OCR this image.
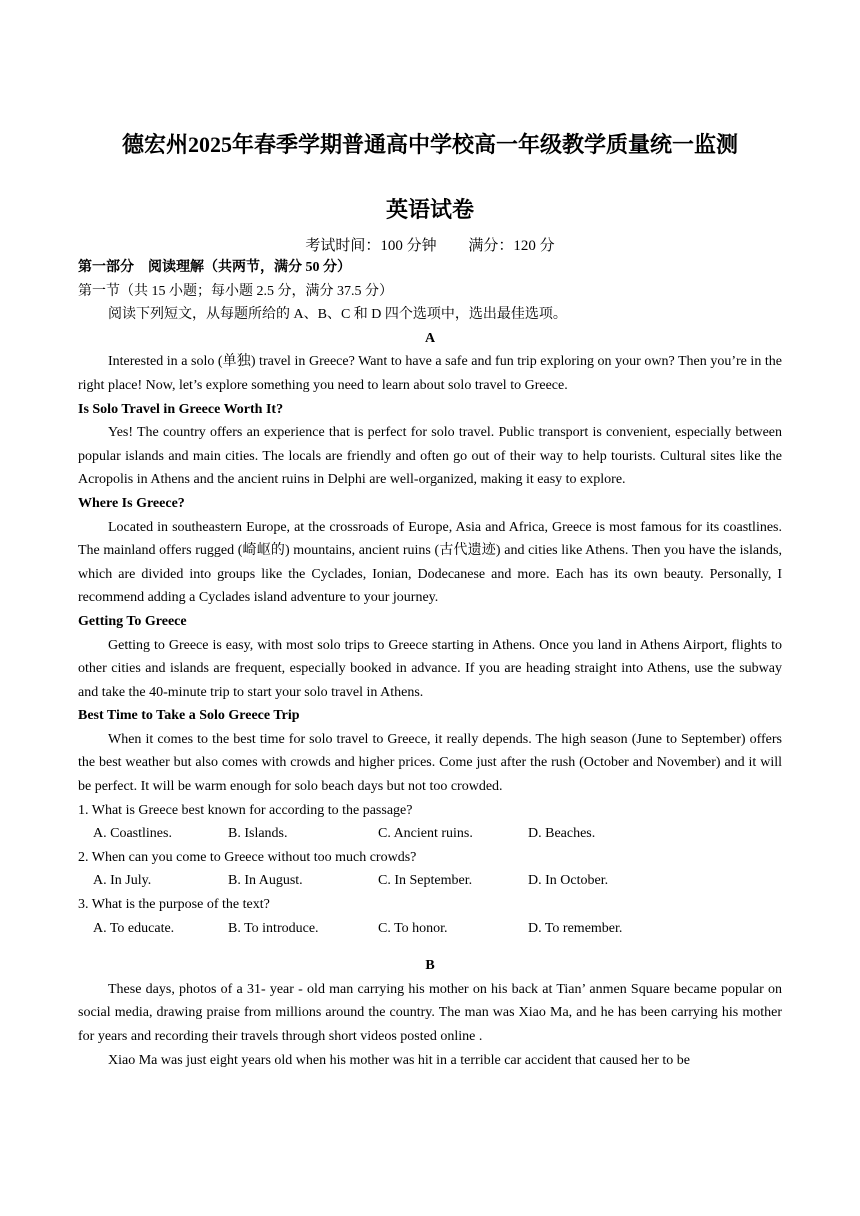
德宏州2025年春季学期普通高中学校高一年级教学质量统一监测
英语试卷
考试时间：100 分钟 满分：120 分

第一部分　阅读理解（共两节，满分 50 分）

第一节（共 15 小题；每小题 2.5 分，满分 37.5 分）

阅读下列短文，从每题所给的 A、B、C 和 D 四个选项中，选出最佳选项。

A

Interested in a solo (单独) travel in Greece? Want to have a safe and fun trip exploring on your own? Then you’re in the right place! Now, let’s explore something you need to learn about solo travel to Greece.

Is Solo Travel in Greece Worth It?

Yes! The country offers an experience that is perfect for solo travel. Public transport is convenient, especially between popular islands and main cities. The locals are friendly and often go out of their way to help tourists. Cultural sites like the Acropolis in Athens and the ancient ruins in Delphi are well-organized, making it easy to explore.

Where Is Greece?

Located in southeastern Europe, at the crossroads of Europe, Asia and Africa, Greece is most famous for its coastlines. The mainland offers rugged (崎岖的) mountains, ancient ruins (古代遗迹) and cities like Athens. Then you have the islands, which are divided into groups like the Cyclades, Ionian, Dodecanese and more. Each has its own beauty. Personally, I recommend adding a Cyclades island adventure to your journey.

Getting To Greece

Getting to Greece is easy, with most solo trips to Greece starting in Athens. Once you land in Athens Airport, flights to other cities and islands are frequent, especially booked in advance. If you are heading straight into Athens, use the subway and take the 40-minute trip to start your solo travel in Athens.

Best Time to Take a Solo Greece Trip

When it comes to the best time for solo travel to Greece, it really depends. The high season (June to September) offers the best weather but also comes with crowds and higher prices. Come just after the rush (October and November) and it will be perfect. It will be warm enough for solo beach days but not too crowded.

1. What is Greece best known for according to the passage?

A. Coastlines.	B. Islands.	C. Ancient ruins.	D. Beaches.

2. When can you come to Greece without too much crowds?

A. In July.	B. In August.	C. In September.	D. In October.

3. What is the purpose of the text?

A. To educate.	B. To introduce.	C. To honor.	D. To remember.

B

These days, photos of a 31- year - old man carrying his mother on his back at Tian’ anmen Square became popular on social media, drawing praise from millions around the country. The man was Xiao Ma, and he has been carrying his mother for years and recording their travels through short videos posted online .

Xiao Ma was just eight years old when his mother was hit in a terrible car accident that caused her to be
